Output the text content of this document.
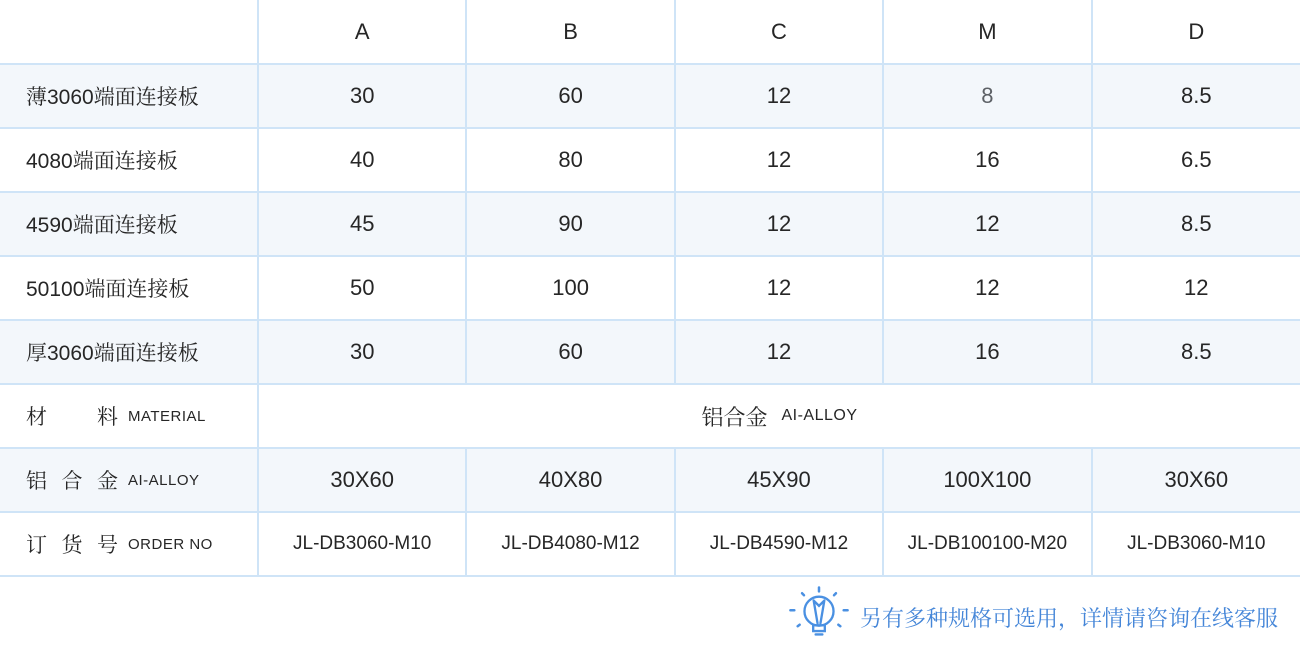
	A	B	C	M	D
薄3060端面连接板	30	60	12	8	8.5
4080端面连接板	40	80	12	16	6.5
4590端面连接板	45	90	12	12	8.5
50100端面连接板	50	100	12	12	12
厚3060端面连接板	30	60	12	16	8.5

材 料 MATERIAL	铝合金 AI-ALLOY				

铝 合 金 AI-ALLOY	30X60	40X80	45X90	100X100	30X60

订 货 号 ORDER NO	JL-DB3060-M10	JL-DB4080-M12	JL-DB4590-M12	JL-DB100100-M20	JL-DB3060-M10
另有多种规格可选用，详情请咨询在线客服
